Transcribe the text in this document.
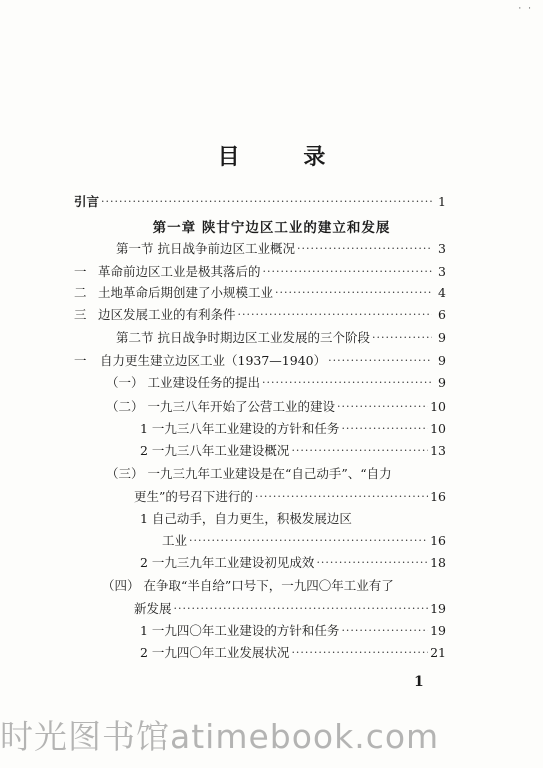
· ·
目 录
引言 ·····	1
第一章 陕甘宁边区工业的建立和发展
第一节 抗日战争前边区工业概况 ·····	3
一 革命前边区工业是极其落后的 ·····	3
二 土地革命后期创建了小规模工业 ·····	4
三 边区发展工业的有利条件 ·····	6
第二节 抗日战争时期边区工业发展的三个阶段 ·····	9
一	自力更生建立边区工业（1937—1940） ·····	9
（一） 工业建设任务的提出 ·····	9
（二） 一九三八年开始了公营工业的建设 ·····	10
1 一九三八年工业建设的方针和任务 ·····	10
2 一九三八年工业建设概况 ·····	13
（三） 一九三九年工业建设是在“自己动手”、“自力
更生”的号召下进行的 ·····	16
1 自己动手，自力更生，积极发展边区
工业 ·····	16
2 一九三九年工业建设初见成效 ·····	18
（四） 在争取“半自给”口号下，一九四〇年工业有了
新发展 ·····	19
1 一九四〇年工业建设的方针和任务 ·····	19
2 一九四〇年工业发展状况 ·····	21
1
时光图书馆atimebook.com
